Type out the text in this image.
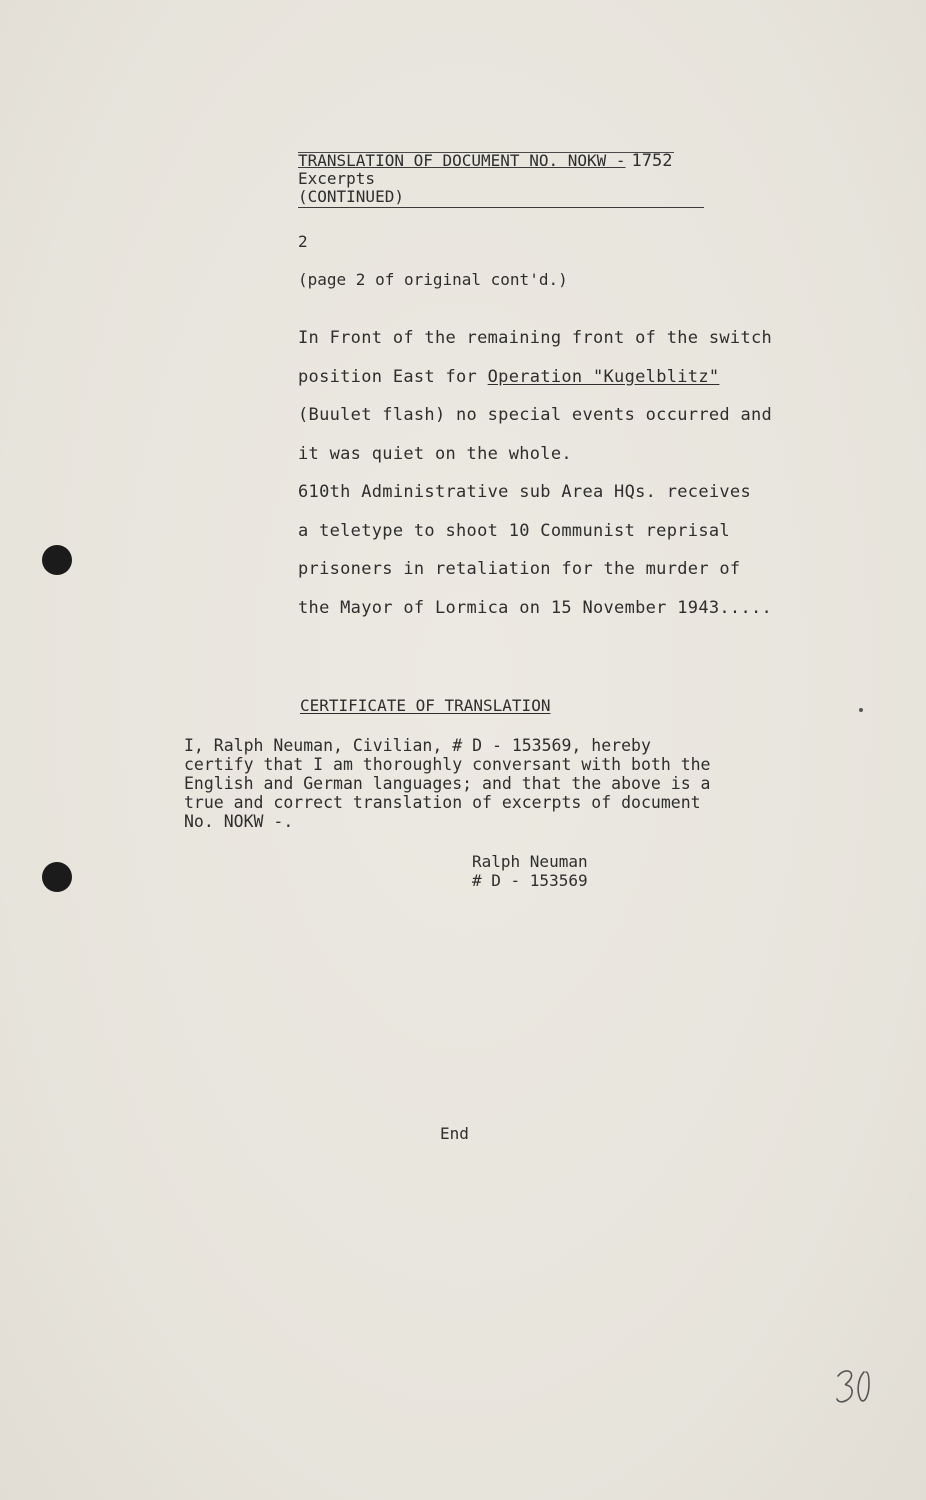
TRANSLATION OF DOCUMENT NO. NOKW - 1752
Excerpts
(CONTINUED)
2
(page 2 of original cont'd.)
In Front of the remaining front of the switch
position East for Operation "Kugelblitz"
(Buulet flash) no special events occurred and
it was quiet on the whole.
610th Administrative sub Area HQs. receives
a teletype to shoot 10 Communist reprisal
prisoners in retaliation for the murder of
the Mayor of Lormica on 15 November 1943.....
CERTIFICATE OF TRANSLATION
I, Ralph Neuman, Civilian, # D - 153569, hereby
certify that I am thoroughly conversant with both the
English and German languages; and that the above is a
true and correct translation of excerpts of document
No. NOKW -.
Ralph Neuman
# D - 153569
End
